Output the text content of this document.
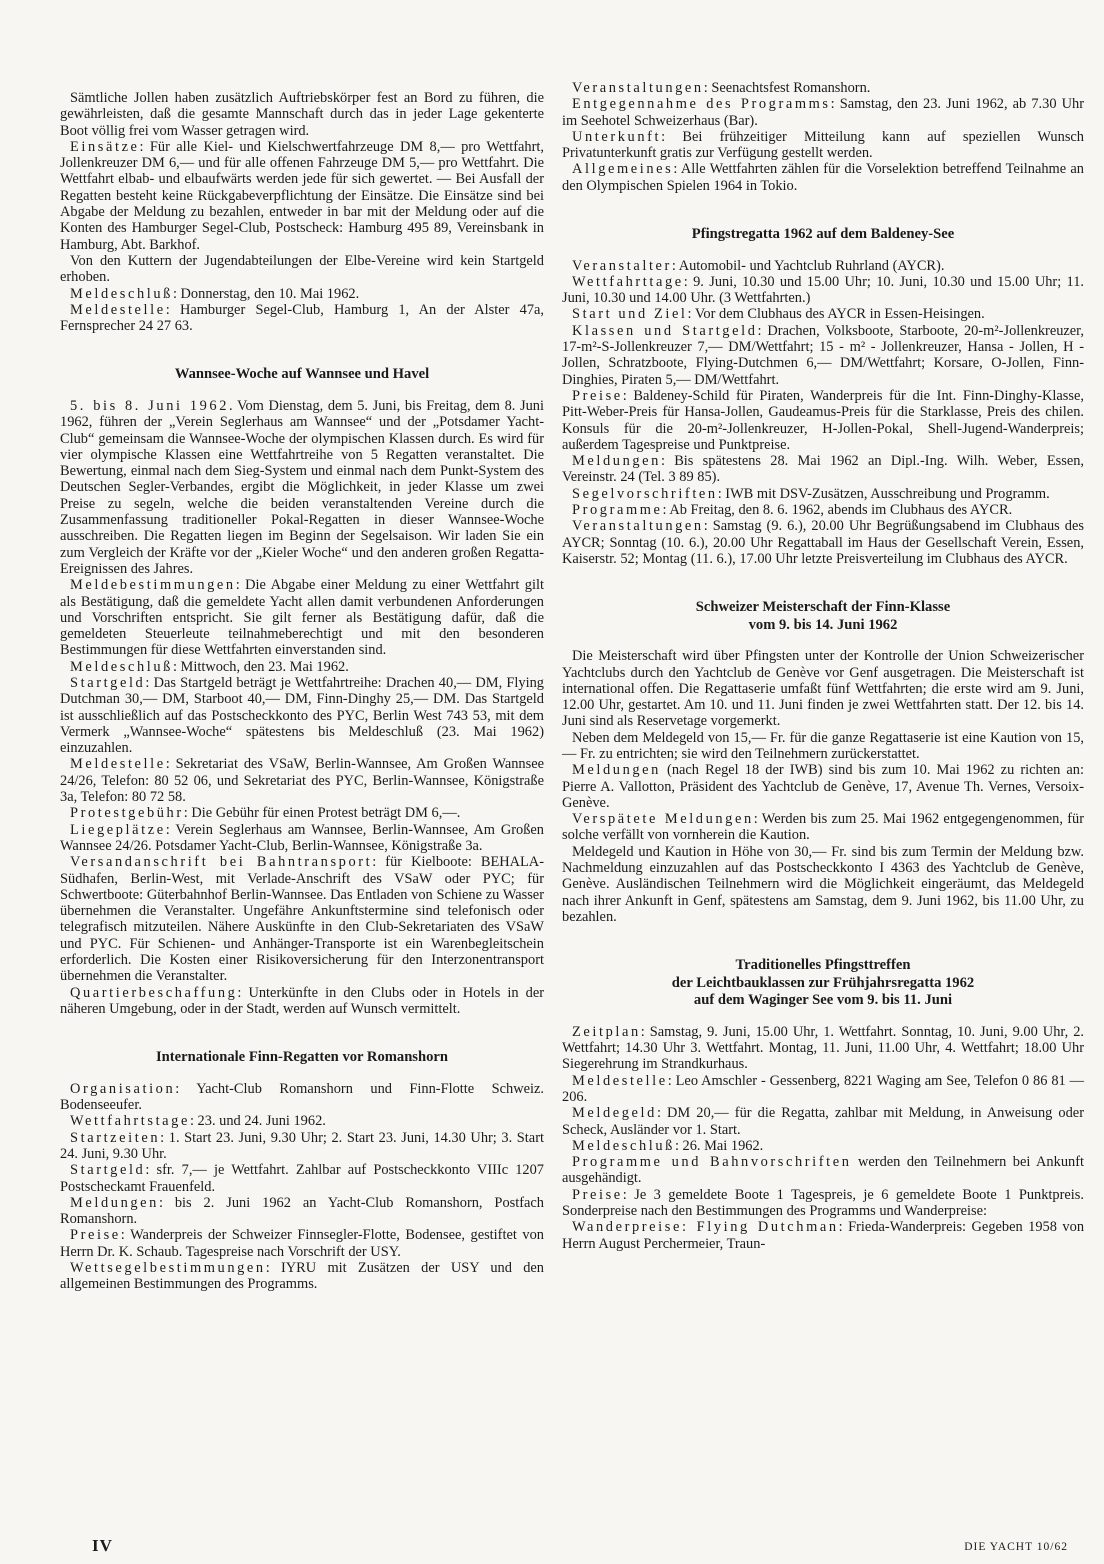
Sämtliche Jollen haben zusätzlich Auftriebskörper fest an Bord zu führen, die gewährleisten, daß die gesamte Mannschaft durch das in jeder Lage gekenterte Boot völlig frei vom Wasser getragen wird.

Einsätze: Für alle Kiel- und Kielschwertfahrzeuge DM 8,— pro Wettfahrt, Jollenkreuzer DM 6,— und für alle offenen Fahrzeuge DM 5,— pro Wettfahrt. Die Wettfahrt elbab- und elbaufwärts werden jede für sich gewertet. — Bei Ausfall der Regatten besteht keine Rückgabeverpflichtung der Einsätze. Die Einsätze sind bei Abgabe der Meldung zu bezahlen, entweder in bar mit der Meldung oder auf die Konten des Hamburger Segel-Club, Postscheck: Hamburg 495 89, Vereinsbank in Hamburg, Abt. Barkhof.

Von den Kuttern der Jugendabteilungen der Elbe-Vereine wird kein Startgeld erhoben.

Meldeschluß: Donnerstag, den 10. Mai 1962.

Meldestelle: Hamburger Segel-Club, Hamburg 1, An der Alster 47a, Fernsprecher 24 27 63.

Wannsee-Woche auf Wannsee und Havel

5. bis 8. Juni 1962. Vom Dienstag, dem 5. Juni, bis Freitag, dem 8. Juni 1962, führen der „Verein Seglerhaus am Wannsee“ und der „Potsdamer Yacht-Club“ gemeinsam die Wannsee-Woche der olympischen Klassen durch. Es wird für vier olympische Klassen eine Wettfahrtreihe von 5 Regatten veranstaltet. Die Bewertung, einmal nach dem Sieg-System und einmal nach dem Punkt-System des Deutschen Segler-Verbandes, ergibt die Möglichkeit, in jeder Klasse um zwei Preise zu segeln, welche die beiden veranstaltenden Vereine durch die Zusammenfassung traditioneller Pokal-Regatten in dieser Wannsee-Woche ausschreiben. Die Regatten liegen im Beginn der Segelsaison. Wir laden Sie ein zum Vergleich der Kräfte vor der „Kieler Woche“ und den anderen großen Regatta-Ereignissen des Jahres.

Meldebestimmungen: Die Abgabe einer Meldung zu einer Wettfahrt gilt als Bestätigung, daß die gemeldete Yacht allen damit verbundenen Anforderungen und Vorschriften entspricht. Sie gilt ferner als Bestätigung dafür, daß die gemeldeten Steuerleute teilnahmeberechtigt und mit den besonderen Bestimmungen für diese Wettfahrten einverstanden sind.

Meldeschluß: Mittwoch, den 23. Mai 1962.

Startgeld: Das Startgeld beträgt je Wettfahrtreihe: Drachen 40,— DM, Flying Dutchman 30,— DM, Starboot 40,— DM, Finn-Dinghy 25,— DM. Das Startgeld ist ausschließlich auf das Postscheckkonto des PYC, Berlin West 743 53, mit dem Vermerk „Wannsee-Woche“ spätestens bis Meldeschluß (23. Mai 1962) einzuzahlen.

Meldestelle: Sekretariat des VSaW, Berlin-Wannsee, Am Großen Wannsee 24/26, Telefon: 80 52 06, und Sekretariat des PYC, Berlin-Wannsee, Königstraße 3a, Telefon: 80 72 58.

Protestgebühr: Die Gebühr für einen Protest beträgt DM 6,—.

Liegeplätze: Verein Seglerhaus am Wannsee, Berlin-Wannsee, Am Großen Wannsee 24/26. Potsdamer Yacht-Club, Berlin-Wannsee, Königstraße 3a.

Versandanschrift bei Bahntransport: für Kielboote: BEHALA-Südhafen, Berlin-West, mit Verlade-Anschrift des VSaW oder PYC; für Schwertboote: Güterbahnhof Berlin-Wannsee. Das Entladen von Schiene zu Wasser übernehmen die Veranstalter. Ungefähre Ankunftstermine sind telefonisch oder telegrafisch mitzuteilen. Nähere Auskünfte in den Club-Sekretariaten des VSaW und PYC. Für Schienen- und Anhänger-Transporte ist ein Warenbegleitschein erforderlich. Die Kosten einer Risikoversicherung für den Interzonentransport übernehmen die Veranstalter.

Quartierbeschaffung: Unterkünfte in den Clubs oder in Hotels in der näheren Umgebung, oder in der Stadt, werden auf Wunsch vermittelt.

Internationale Finn-Regatten vor Romanshorn

Organisation: Yacht-Club Romanshorn und Finn-Flotte Schweiz. Bodenseeufer.

Wettfahrtstage: 23. und 24. Juni 1962.

Startzeiten: 1. Start 23. Juni, 9.30 Uhr; 2. Start 23. Juni, 14.30 Uhr; 3. Start 24. Juni, 9.30 Uhr.

Startgeld: sfr. 7,— je Wettfahrt. Zahlbar auf Postscheckkonto VIIIc 1207 Postscheckamt Frauenfeld.

Meldungen: bis 2. Juni 1962 an Yacht-Club Romanshorn, Postfach Romanshorn.

Preise: Wanderpreis der Schweizer Finnsegler-Flotte, Bodensee, gestiftet von Herrn Dr. K. Schaub. Tagespreise nach Vorschrift der USY.

Wettsegelbestimmungen: IYRU mit Zusätzen der USY und den allgemeinen Bestimmungen des Programms.

Veranstaltungen: Seenachtsfest Romanshorn.

Entgegennahme des Programms: Samstag, den 23. Juni 1962, ab 7.30 Uhr im Seehotel Schweizerhaus (Bar).

Unterkunft: Bei frühzeitiger Mitteilung kann auf speziellen Wunsch Privatunterkunft gratis zur Verfügung gestellt werden.

Allgemeines: Alle Wettfahrten zählen für die Vorselektion betreffend Teilnahme an den Olympischen Spielen 1964 in Tokio.

Pfingstregatta 1962 auf dem Baldeney-See

Veranstalter: Automobil- und Yachtclub Ruhrland (AYCR).

Wettfahrttage: 9. Juni, 10.30 und 15.00 Uhr; 10. Juni, 10.30 und 15.00 Uhr; 11. Juni, 10.30 und 14.00 Uhr. (3 Wettfahrten.)

Start und Ziel: Vor dem Clubhaus des AYCR in Essen-Heisingen.

Klassen und Startgeld: Drachen, Volksboote, Starboote, 20-m²-Jollenkreuzer, 17-m²-S-Jollenkreuzer 7,— DM/Wettfahrt; 15 - m² - Jollenkreuzer, Hansa - Jollen, H - Jollen, Schratzboote, Flying-Dutchmen 6,— DM/Wettfahrt; Korsare, O-Jollen, Finn-Dinghies, Piraten 5,— DM/Wettfahrt.

Preise: Baldeney-Schild für Piraten, Wanderpreis für die Int. Finn-Dinghy-Klasse, Pitt-Weber-Preis für Hansa-Jollen, Gaudeamus-Preis für die Starklasse, Preis des chilen. Konsuls für die 20-m²-Jollenkreuzer, H-Jollen-Pokal, Shell-Jugend-Wanderpreis; außerdem Tagespreise und Punktpreise.

Meldungen: Bis spätestens 28. Mai 1962 an Dipl.-Ing. Wilh. Weber, Essen, Vereinstr. 24 (Tel. 3 89 85).

Segelvorschriften: IWB mit DSV-Zusätzen, Ausschreibung und Programm.

Programme: Ab Freitag, den 8. 6. 1962, abends im Clubhaus des AYCR.

Veranstaltungen: Samstag (9. 6.), 20.00 Uhr Begrüßungsabend im Clubhaus des AYCR; Sonntag (10. 6.), 20.00 Uhr Regattaball im Haus der Gesellschaft Verein, Essen, Kaiserstr. 52; Montag (11. 6.), 17.00 Uhr letzte Preisverteilung im Clubhaus des AYCR.

Schweizer Meisterschaft der Finn-Klasse
vom 9. bis 14. Juni 1962

Die Meisterschaft wird über Pfingsten unter der Kontrolle der Union Schweizerischer Yachtclubs durch den Yachtclub de Genève vor Genf ausgetragen. Die Meisterschaft ist international offen. Die Regattaserie umfaßt fünf Wettfahrten; die erste wird am 9. Juni, 12.00 Uhr, gestartet. Am 10. und 11. Juni finden je zwei Wettfahrten statt. Der 12. bis 14. Juni sind als Reservetage vorgemerkt.

Neben dem Meldegeld von 15,— Fr. für die ganze Regattaserie ist eine Kaution von 15,— Fr. zu entrichten; sie wird den Teilnehmern zurückerstattet.

Meldungen (nach Regel 18 der IWB) sind bis zum 10. Mai 1962 zu richten an: Pierre A. Vallotton, Präsident des Yachtclub de Genève, 17, Avenue Th. Vernes, Versoix-Genève.

Verspätete Meldungen: Werden bis zum 25. Mai 1962 entgegengenommen, für solche verfällt von vornherein die Kaution.

Meldegeld und Kaution in Höhe von 30,— Fr. sind bis zum Termin der Meldung bzw. Nachmeldung einzuzahlen auf das Postscheckkonto I 4363 des Yachtclub de Genève, Genève. Ausländischen Teilnehmern wird die Möglichkeit eingeräumt, das Meldegeld nach ihrer Ankunft in Genf, spätestens am Samstag, dem 9. Juni 1962, bis 11.00 Uhr, zu bezahlen.

Traditionelles Pfingsttreffen
der Leichtbauklassen zur Frühjahrsregatta 1962
auf dem Waginger See vom 9. bis 11. Juni

Zeitplan: Samstag, 9. Juni, 15.00 Uhr, 1. Wettfahrt. Sonntag, 10. Juni, 9.00 Uhr, 2. Wettfahrt; 14.30 Uhr 3. Wettfahrt. Montag, 11. Juni, 11.00 Uhr, 4. Wettfahrt; 18.00 Uhr Siegerehrung im Strandkurhaus.

Meldestelle: Leo Amschler - Gessenberg, 8221 Waging am See, Telefon 0 86 81 — 206.

Meldegeld: DM 20,— für die Regatta, zahlbar mit Meldung, in Anweisung oder Scheck, Ausländer vor 1. Start.

Meldeschluß: 26. Mai 1962.

Programme und Bahnvorschriften werden den Teilnehmern bei Ankunft ausgehändigt.

Preise: Je 3 gemeldete Boote 1 Tagespreis, je 6 gemeldete Boote 1 Punktpreis. Sonderpreise nach den Bestimmungen des Programms und Wanderpreise:

Wanderpreise: Flying Dutchman: Frieda-Wanderpreis: Gegeben 1958 von Herrn August Perchermeier, Traun-

IV	DIE YACHT 10/62
